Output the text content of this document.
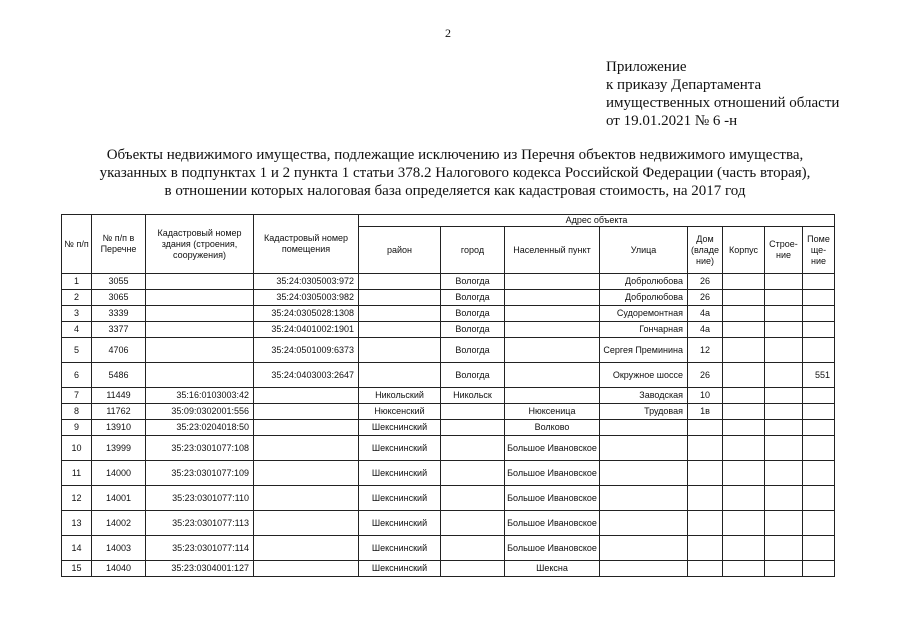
2
Приложение
к приказу Департамента
имущественных отношений области
от 19.01.2021 № 6 -н
Объекты недвижимого имущества, подлежащие исключению из Перечня объектов недвижимого имущества,
указанных в подпунктах 1 и 2 пункта 1 статьи 378.2 Налогового кодекса Российской Федерации (часть вторая),
в отношении которых налоговая база определяется как кадастровая стоимость, на 2017 год
№ п/п	№ п/п в Перечне	Кадастровый номер здания (строения, сооружения)	Кадастровый номер помещения	Адрес объекта							
				район	город	Населенный пункт	Улица	Дом (владе ние)	Корпус	Строе- ние	Поме ще- ние
1	3055		35:24:0305003:972		Вологда		Добролюбова	26			
2	3065		35:24:0305003:982		Вологда		Добролюбова	26			
3	3339		35:24:0305028:1308		Вологда		Судоремонтная	4а			
4	3377		35:24:0401002:1901		Вологда		Гончарная	4а			
5	4706		35:24:0501009:6373		Вологда		Сергея Преминина	12			
6	5486		35:24:0403003:2647		Вологда		Окружное шоссе	26			551
7	11449	35:16:0103003:42		Никольский	Никольск		Заводская	10			
8	11762	35:09:0302001:556		Нюксенский		Нюксеница	Трудовая	1в			
9	13910	35:23:0204018:50		Шекснинский		Волково					
10	13999	35:23:0301077:108		Шекснинский		Большое Ивановское					
11	14000	35:23:0301077:109		Шекснинский		Большое Ивановское					
12	14001	35:23:0301077:110		Шекснинский		Большое Ивановское					
13	14002	35:23:0301077:113		Шекснинский		Большое Ивановское					
14	14003	35:23:0301077:114		Шекснинский		Большое Ивановское					
15	14040	35:23:0304001:127		Шекснинский		Шексна					
